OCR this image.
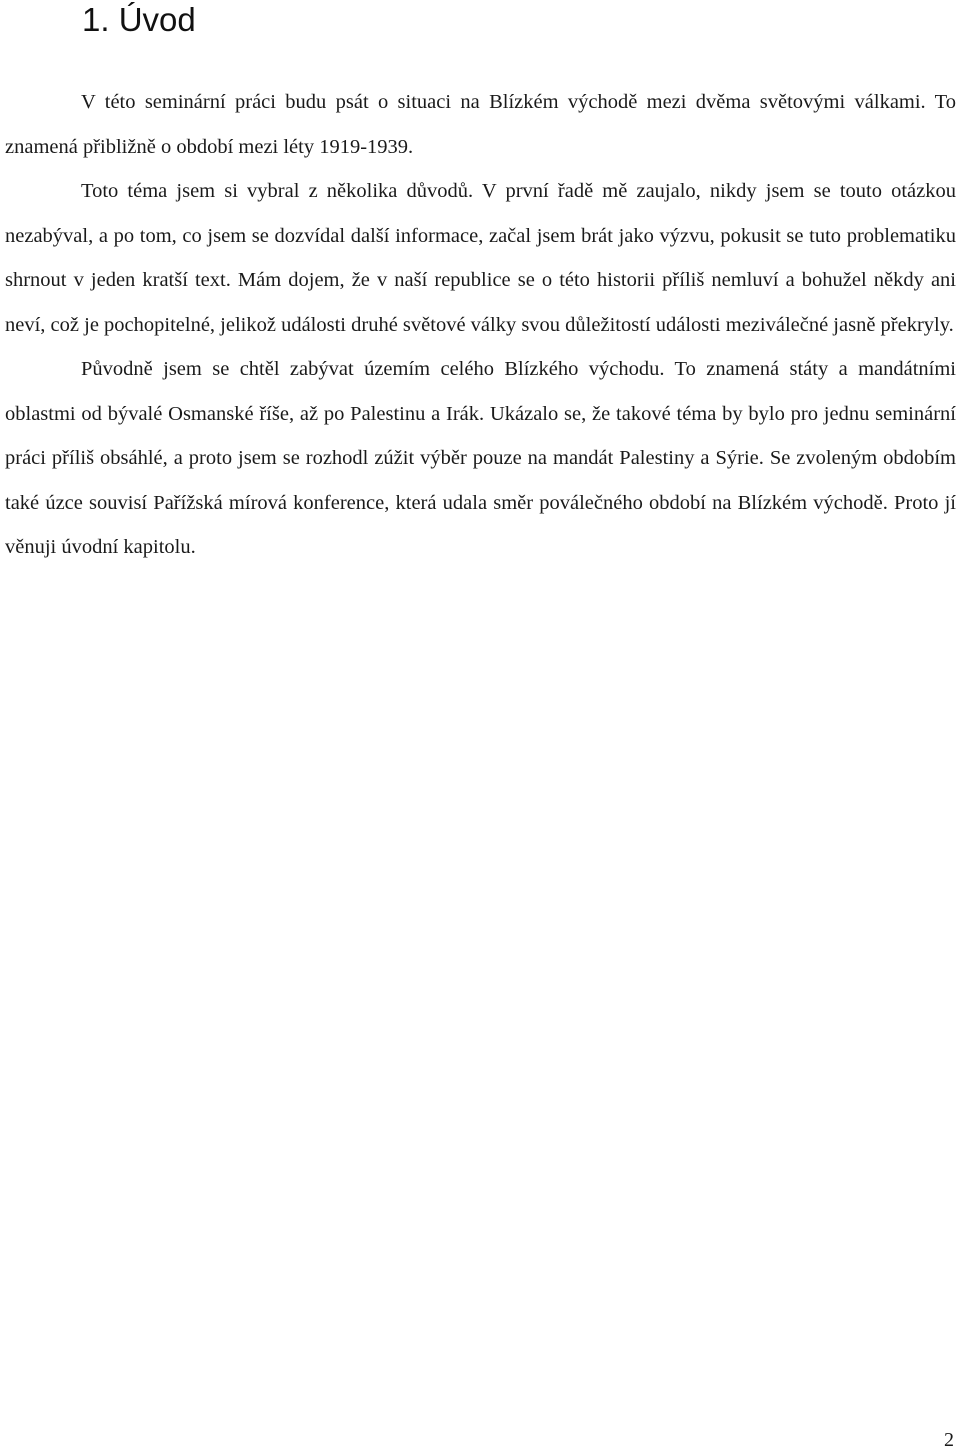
1. Úvod

V této seminární práci budu psát o situaci na Blízkém východě mezi dvěma světovými válkami. To znamená přibližně o období mezi léty 1919-1939.

Toto téma jsem si vybral z několika důvodů. V první řadě mě zaujalo, nikdy jsem se touto otázkou nezabýval, a po tom, co jsem se dozvídal další informace, začal jsem brát jako výzvu, pokusit se tuto problematiku shrnout v jeden kratší text. Mám dojem, že v naší republice se o této historii příliš nemluví a bohužel někdy ani neví, což je pochopitelné, jelikož události druhé světové války svou důležitostí události meziválečné jasně překryly.

Původně jsem se chtěl zabývat územím celého Blízkého východu. To znamená státy a mandátními oblastmi od bývalé Osmanské říše, až po Palestinu a Irák. Ukázalo se, že takové téma by bylo pro jednu seminární práci příliš obsáhlé, a proto jsem se rozhodl zúžit výběr pouze na mandát Palestiny a Sýrie. Se zvoleným obdobím také úzce souvisí Pařížská mírová konference, která udala směr poválečného období na Blízkém východě. Proto jí věnuji úvodní kapitolu.

2
